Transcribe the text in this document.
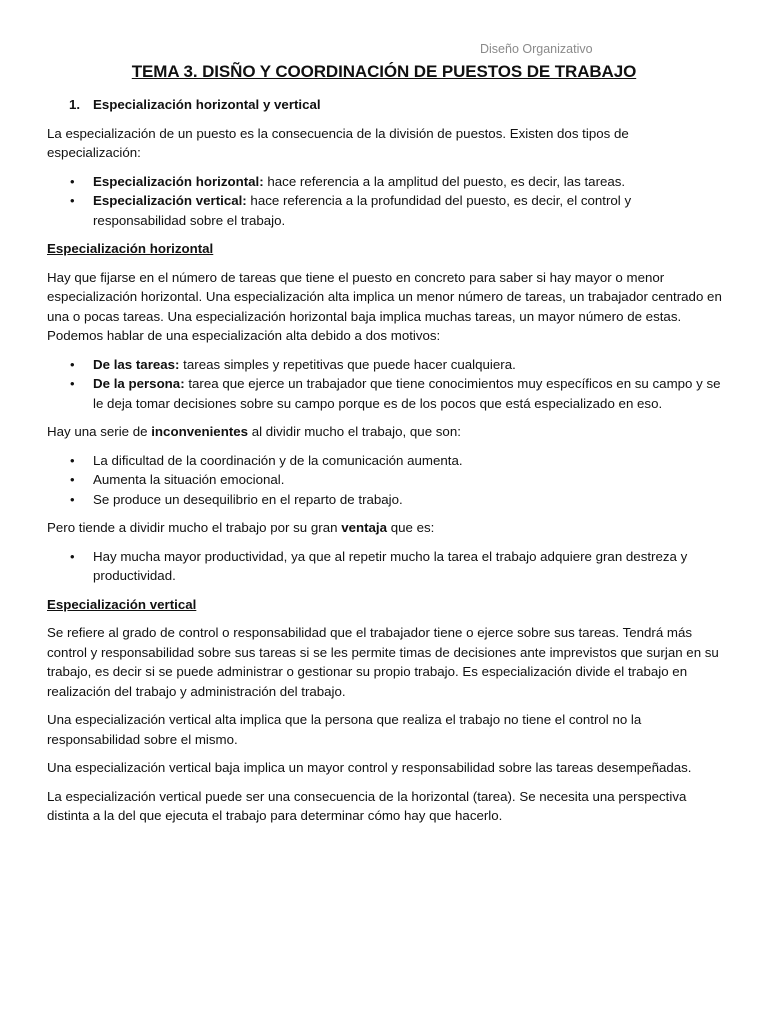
Diseño Organizativo
TEMA 3. DISÑO Y COORDINACIÓN DE PUESTOS DE TRABAJO
1. Especialización horizontal y vertical

La especialización de un puesto es la consecuencia de la división de puestos. Existen dos tipos de especialización:

• Especialización horizontal: hace referencia a la amplitud del puesto, es decir, las tareas.
• Especialización vertical: hace referencia a la profundidad del puesto, es decir, el control y responsabilidad sobre el trabajo.
Especialización horizontal

Hay que fijarse en el número de tareas que tiene el puesto en concreto para saber si hay mayor o menor especialización horizontal. Una especialización alta implica un menor número de tareas, un trabajador centrado en una o pocas tareas. Una especialización horizontal baja implica muchas tareas, un mayor número de estas. Podemos hablar de una especialización alta debido a dos motivos:

• De las tareas: tareas simples y repetitivas que puede hacer cualquiera.
• De la persona: tarea que ejerce un trabajador que tiene conocimientos muy específicos en su campo y se le deja tomar decisiones sobre su campo porque es de los pocos que está especializado en eso.

Hay una serie de inconvenientes al dividir mucho el trabajo, que son:

• La dificultad de la coordinación y de la comunicación aumenta.
• Aumenta la situación emocional.
• Se produce un desequilibrio en el reparto de trabajo.

Pero tiende a dividir mucho el trabajo por su gran ventaja que es:

• Hay mucha mayor productividad, ya que al repetir mucho la tarea el trabajo adquiere gran destreza y productividad.
Especialización vertical

Se refiere al grado de control o responsabilidad que el trabajador tiene o ejerce sobre sus tareas. Tendrá más control y responsabilidad sobre sus tareas si se les permite timas de decisiones ante imprevistos que surjan en su trabajo, es decir si se puede administrar o gestionar su propio trabajo. Es especialización divide el trabajo en realización del trabajo y administración del trabajo.

Una especialización vertical alta implica que la persona que realiza el trabajo no tiene el control no la responsabilidad sobre el mismo.

Una especialización vertical baja implica un mayor control y responsabilidad sobre las tareas desempeñadas.

La especialización vertical puede ser una consecuencia de la horizontal (tarea). Se necesita una perspectiva distinta a la del que ejecuta el trabajo para determinar cómo hay que hacerlo.
